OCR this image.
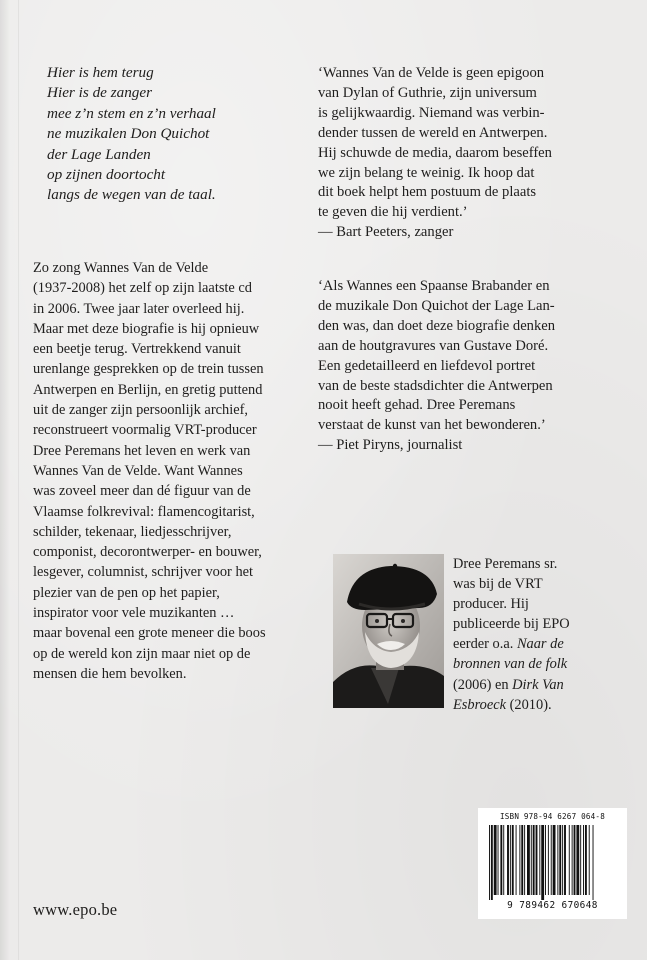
Hier is hem terug
Hier is de zanger
mee z’n stem en z’n verhaal
ne muzikalen Don Quichot
der Lage Landen
op zijnen doortocht
langs de wegen van de taal.
Zo zong Wannes Van de Velde
(1937-2008) het zelf op zijn laatste cd
in 2006. Twee jaar later overleed hij.
Maar met deze biografie is hij opnieuw
een beetje terug. Vertrekkend vanuit
urenlange gesprekken op de trein tussen
Antwerpen en Berlijn, en gretig puttend
uit de zanger zijn persoonlijk archief,
reconstrueert voormalig VRT-producer
Dree Peremans het leven en werk van
Wannes Van de Velde. Want Wannes
was zoveel meer dan dé figuur van de
Vlaamse folkrevival: flamencogitarist,
schilder, tekenaar, liedjesschrijver,
componist, decorontwerper- en bouwer,
lesgever, columnist, schrijver voor het
plezier van de pen op het papier,
inspirator voor vele muzikanten …
maar bovenal een grote meneer die boos
op de wereld kon zijn maar niet op de
mensen die hem bevolken.
‘Wannes Van de Velde is geen epigoon
van Dylan of Guthrie, zijn universum
is gelijkwaardig. Niemand was verbin-
dender tussen de wereld en Antwerpen.
Hij schuwde de media, daarom beseffen
we zijn belang te weinig. Ik hoop dat
dit boek helpt hem postuum de plaats
te geven die hij verdient.’
— Bart Peeters, zanger
‘Als Wannes een Spaanse Brabander en
de muzikale Don Quichot der Lage Lan-
den was, dan doet deze biografie denken
aan de houtgravures van Gustave Doré.
Een gedetailleerd en liefdevol portret
van de beste stadsdichter die Antwerpen
nooit heeft gehad. Dree Peremans
verstaat de kunst van het bewonderen.’
— Piet Piryns, journalist
Dree Peremans sr.
was bij de VRT
producer. Hij
publiceerde bij EPO
eerder o.a. Naar de
bronnen van de folk
(2006) en Dirk Van
Esbroeck (2010).
ISBN 978-94 6267 064-8
9 789462 670648
www.epo.be
